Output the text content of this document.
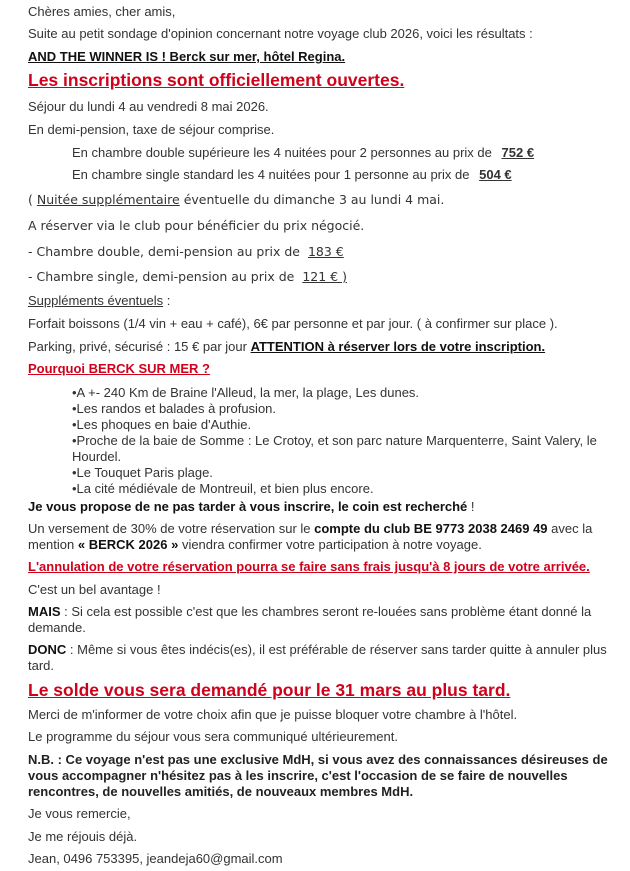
Chères amies, cher amis,
Suite au petit sondage d'opinion concernant notre voyage club 2026, voici les résultats :
AND THE WINNER IS ! Berck sur mer, hôtel Regina.
Les inscriptions sont officiellement ouvertes.
Séjour du lundi 4 au vendredi 8 mai 2026.
En demi-pension, taxe de séjour comprise.
En chambre double supérieure les 4 nuitées pour 2 personnes au prix de 752 €
En chambre single standard les 4 nuitées pour 1 personne au prix de 504 €
( Nuitée supplémentaire éventuelle du dimanche 3 au lundi 4 mai.
A réserver via le club pour bénéficier du prix négocié.
- Chambre double, demi-pension au prix de 183 €
- Chambre single, demi-pension au prix de 121 € )
Suppléments éventuels :
Forfait boissons (1/4 vin + eau + café), 6€ par personne et par jour. ( à confirmer sur place ).
Parking, privé, sécurisé : 15 € par jour ATTENTION à réserver lors de votre inscription.
Pourquoi BERCK SUR MER ?
•A +- 240 Km de Braine l'Alleud, la mer, la plage, Les dunes.
•Les randos et balades à profusion.
•Les phoques en baie d'Authie.
•Proche de la baie de Somme : Le Crotoy, et son parc nature Marquenterre, Saint Valery, le Hourdel.
•Le Touquet Paris plage.
•La cité médiévale de Montreuil, et bien plus encore.
Je vous propose de ne pas tarder à vous inscrire, le coin est recherché !
Un versement de 30% de votre réservation sur le compte du club BE 9773 2038 2469 49 avec la mention « BERCK 2026 » viendra confirmer votre participation à notre voyage.
L'annulation de votre réservation pourra se faire sans frais jusqu'à 8 jours de votre arrivée.
C'est un bel avantage !
MAIS : Si cela est possible c'est que les chambres seront re-louées sans problème étant donné la demande.
DONC : Même si vous êtes indécis(es), il est préférable de réserver sans tarder quitte à annuler plus tard.
Le solde vous sera demandé pour le 31 mars au plus tard.
Merci de m'informer de votre choix afin que je puisse bloquer votre chambre à l'hôtel.
Le programme du séjour vous sera communiqué ultérieurement.
N.B. : Ce voyage n'est pas une exclusive MdH, si vous avez des connaissances désireuses de vous accompagner n'hésitez pas à les inscrire, c'est l'occasion de se faire de nouvelles rencontres, de nouvelles amitiés, de nouveaux membres MdH.
Je vous remercie,
Je me réjouis déjà.
Jean, 0496 753395, jeandeja60@gmail.com
